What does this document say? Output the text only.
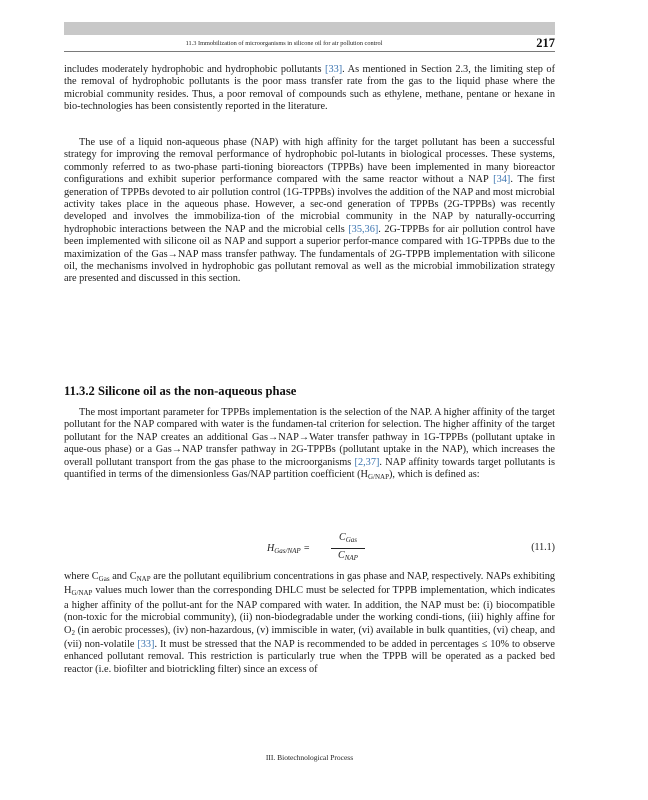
11.3 Immobilization of microorganisms in silicone oil for air pollution control	217
includes moderately hydrophobic and hydrophobic pollutants [33]. As mentioned in Section 2.3, the limiting step of the removal of hydrophobic pollutants is the poor mass transfer rate from the gas to the liquid phase where the microbial community resides. Thus, a poor removal of compounds such as ethylene, methane, pentane or hexane in bio-technologies has been consistently reported in the literature.
The use of a liquid non-aqueous phase (NAP) with high affinity for the target pollutant has been a successful strategy for improving the removal performance of hydrophobic pol-lutants in biological processes. These systems, commonly referred to as two-phase parti-tioning bioreactors (TPPBs) have been implemented in many bioreactor configurations and exhibit superior performance compared with the same reactor without a NAP [34]. The first generation of TPPBs devoted to air pollution control (1G-TPPBs) involves the addition of the NAP and most microbial activity takes place in the aqueous phase. However, a sec-ond generation of TPPBs (2G-TPPBs) was recently developed and involves the immobiliza-tion of the microbial community in the NAP by naturally-occurring hydrophobic interactions between the NAP and the microbial cells [35,36]. 2G-TPPBs for air pollution control have been implemented with silicone oil as NAP and support a superior perfor-mance compared with 1G-TPPBs due to the maximization of the Gas→NAP mass transfer pathway. The fundamentals of 2G-TPPB implementation with silicone oil, the mechanisms involved in hydrophobic gas pollutant removal as well as the microbial immobilization strategy are presented and discussed in this section.
11.3.2 Silicone oil as the non-aqueous phase
The most important parameter for TPPBs implementation is the selection of the NAP. A higher affinity of the target pollutant for the NAP compared with water is the fundamen-tal criterion for selection. The higher affinity of the target pollutant for the NAP creates an additional Gas→NAP→Water transfer pathway in 1G-TPPBs (pollutant uptake in aque-ous phase) or a Gas→NAP transfer pathway in 2G-TPPBs (pollutant uptake in the NAP), which increases the overall pollutant transport from the gas phase to the microorganisms [2,37]. NAP affinity towards target pollutants is quantified in terms of the dimensionless Gas/NAP partition coefficient (HG/NAP), which is defined as:
$H_{Gas/NAP}$ =
$C_{Gas}$
$C_{NAP}$
(11.1)
where CGas and CNAP are the pollutant equilibrium concentrations in gas phase and NAP, respectively. NAPs exhibiting HG/NAP values much lower than the corresponding DHLC must be selected for TPPB implementation, which indicates a higher affinity of the pollut-ant for the NAP compared with water. In addition, the NAP must be: (i) biocompatible (non-toxic for the microbial community), (ii) non-biodegradable under the working condi-tions, (iii) highly affine for O2 (in aerobic processes), (iv) non-hazardous, (v) immiscible in water, (vi) available in bulk quantities, (vi) cheap, and (vii) non-volatile [33]. It must be stressed that the NAP is recommended to be added in percentages ≤ 10% to observe enhanced pollutant removal. This restriction is particularly true when the TPPB will be operated as a packed bed reactor (i.e. biofilter and biotrickling filter) since an excess of
III. Biotechnological Process
